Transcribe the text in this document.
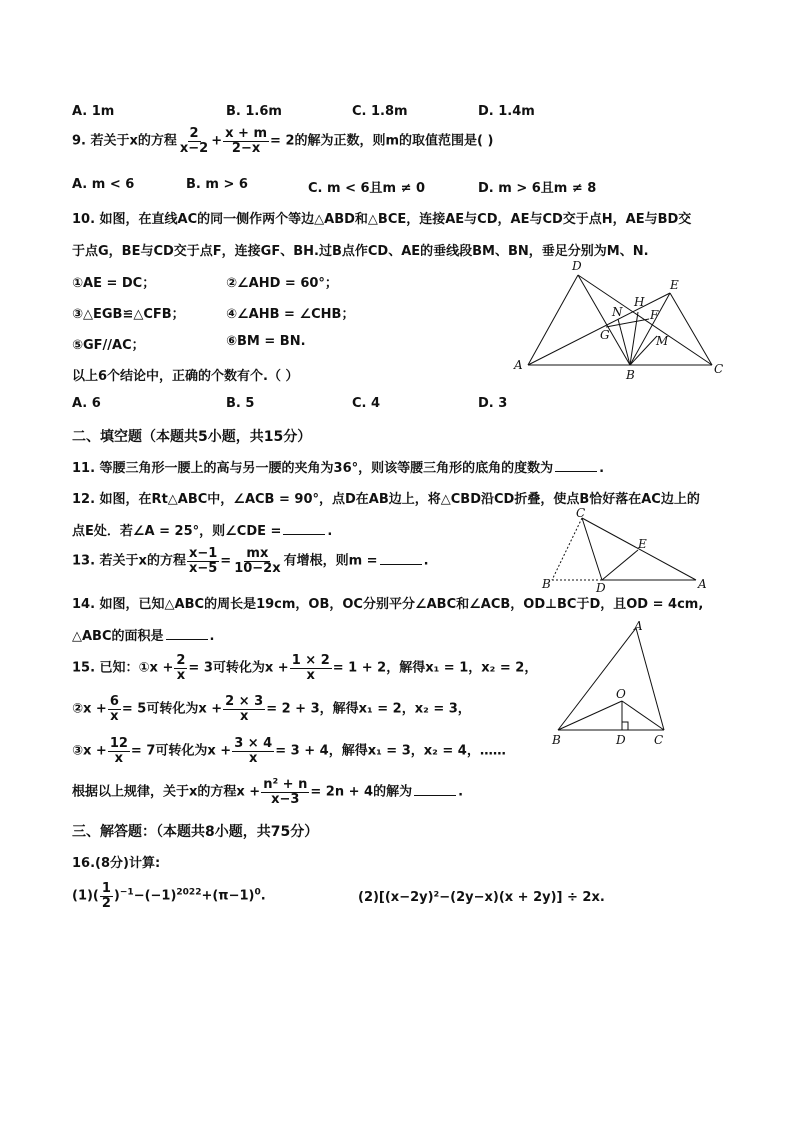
A. 1m	B. 1.6m	C. 1.8m	D. 1.4m
9. 若关于x的方程 $\frac{2}{x-2} + \frac{x + m}{2-x} = 2$的解为正数，则m的取值范围是( )
A. m < 6	B. m > 6	C. m < 6且m ≠ 0	D. m > 6且m ≠ 8
10. 如图，在直线AC的同一侧作两个等边△ABD和△BCE，连接AE与CD，AE与CD交于点H，AE与BD交
于点G，BE与CD交于点F，连接GF、BH.过B点作CD、AE的垂线段BM、BN，垂足分别为M、N.
①AE = DC；	②∠AHD = 60°；
③△EGB≌△CFB；	④∠AHB = ∠CHB；
⑤GF//AC；	⑥BM = BN.
以上6个结论中，正确的个数有个.（ ）
A. 6	B. 5	C. 4	D. 3
D
E
H
N F
G	M
A
B	C
二、填空题（本题共5小题，共15分）
11. 等腰三角形一腰上的高与另一腰的夹角为36°，则该等腰三角形的底角的度数为	.
12. 如图，在Rt△ABC中，∠ACB = 90°，点D在AB边上，将△CBD沿CD折叠，使点B恰好落在AC边上的
点E处．若∠A = 25°，则∠CDE =	.
C
E
B	D	A
13. 若关于x的方程 $\frac{x-1}{x-5} = \frac{mx}{10-2x}$ 有增根，则m =	.
14. 如图，已知△ABC的周长是19cm，OB，OC分别平分∠ABC和∠ACB，OD⊥BC于D，且OD = 4cm,
△ABC的面积是	.
A
O
B	D C
15. 已知：①x + $\frac{2}{x} = 3$可转化为$x + \frac{1 \times 2}{x} = 1 + 2$，解得x₁ = 1，x₂ = 2，
②x + $\frac{6}{x} = 5$可转化为$x + \frac{2 \times 3}{x} = 2 + 3$，解得x₁ = 2，x₂ = 3，
③x + $\frac{12}{x} = 7$可转化为$x + \frac{3 \times 4}{x} = 3 + 4$，解得x₁ = 3，x₂ = 4，……
根据以上规律，关于x的方程$x + \frac{\text{n² + n}}{x-3} = 2n + 4$的解为	.
三、解答题：（本题共8小题，共75分）
16.(8分)计算:
$(1)( \frac{1}{2} )^{-1}-(-1)^{2022}+(\pi-1)^0$.	(2)[(x−2y)²−(2y−x)(x + 2y)] ÷ 2x.
